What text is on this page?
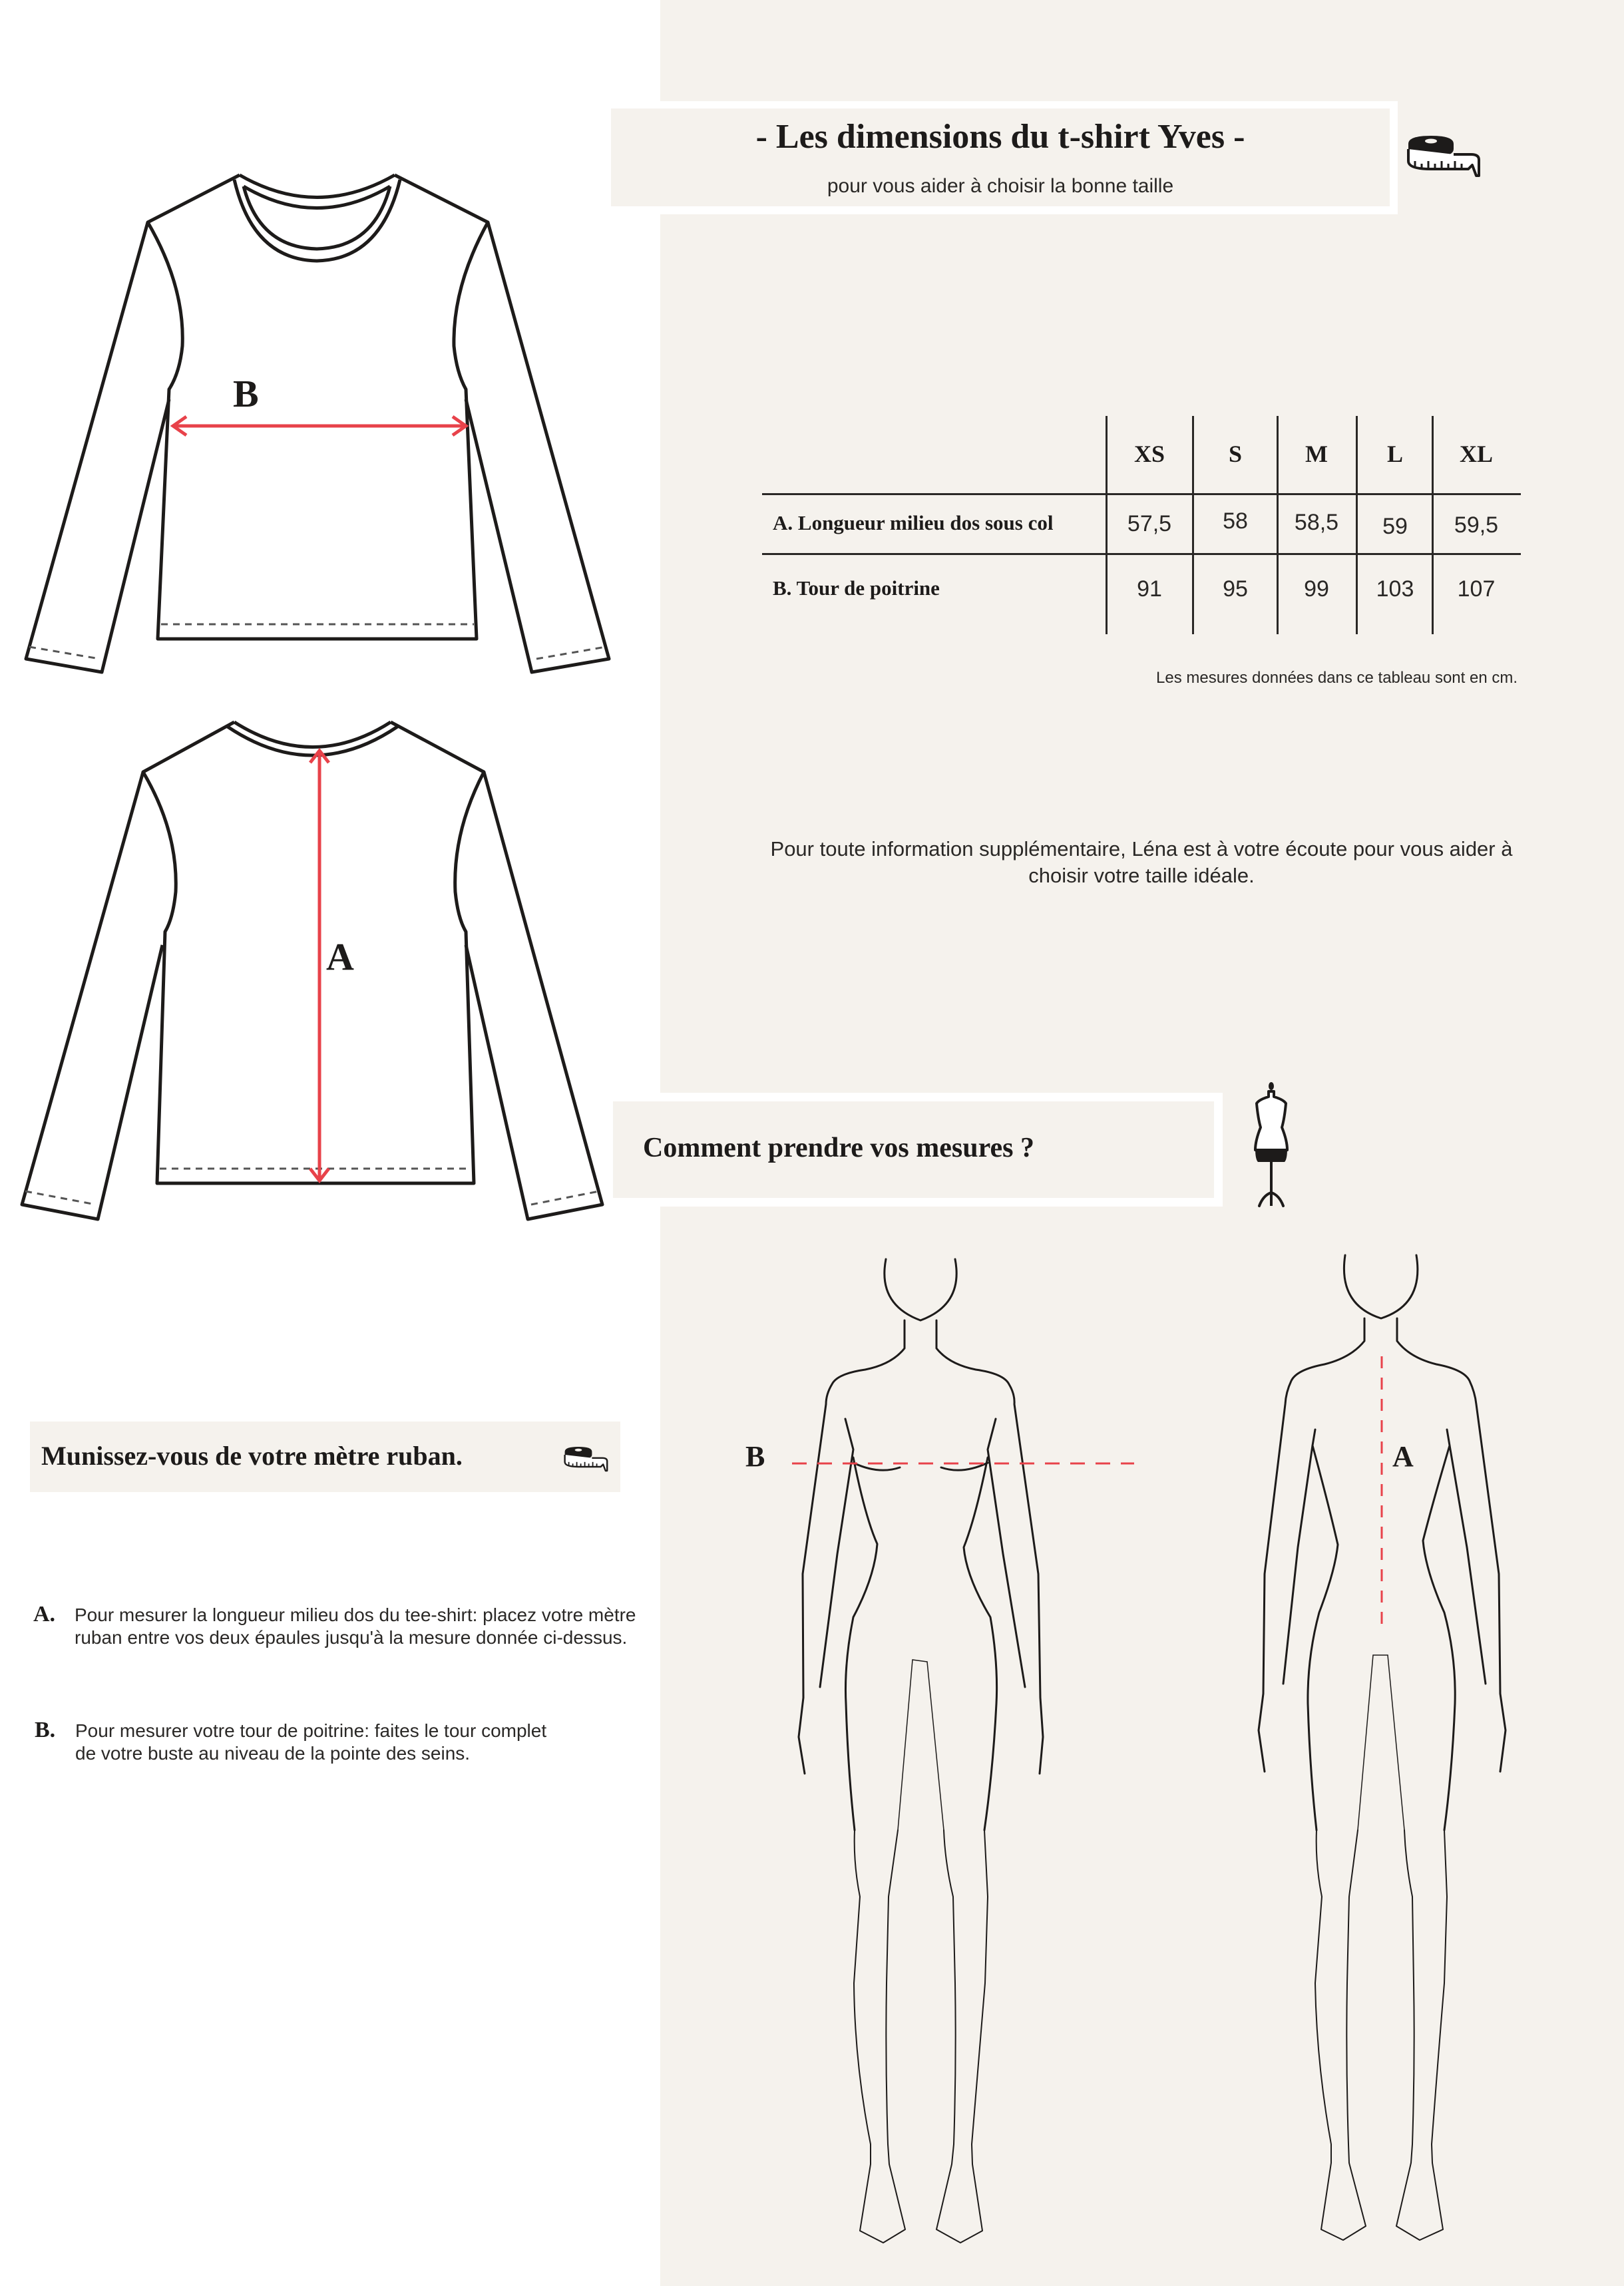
- Les dimensions du t-shirt Yves -
pour vous aider à choisir la bonne taille
XS	S	M	L	XL
A. Longueur milieu dos sous col	57,5	58	58,5	59	59,5
B. Tour de poitrine	91	95	99	103	107
Les mesures données dans ce tableau sont en cm.
Pour toute information supplémentaire, Léna est à votre écoute pour vous aider à choisir votre taille idéale.
B
A
Comment prendre vos mesures ?
B	A
Munissez-vous de votre mètre ruban.
A. Pour mesurer la longueur milieu dos du tee-shirt: placez votre mètre ruban entre vos deux épaules jusqu'à la mesure donnée ci-dessus.
B. Pour mesurer votre tour de poitrine: faites le tour complet de votre buste au niveau de la pointe des seins.
